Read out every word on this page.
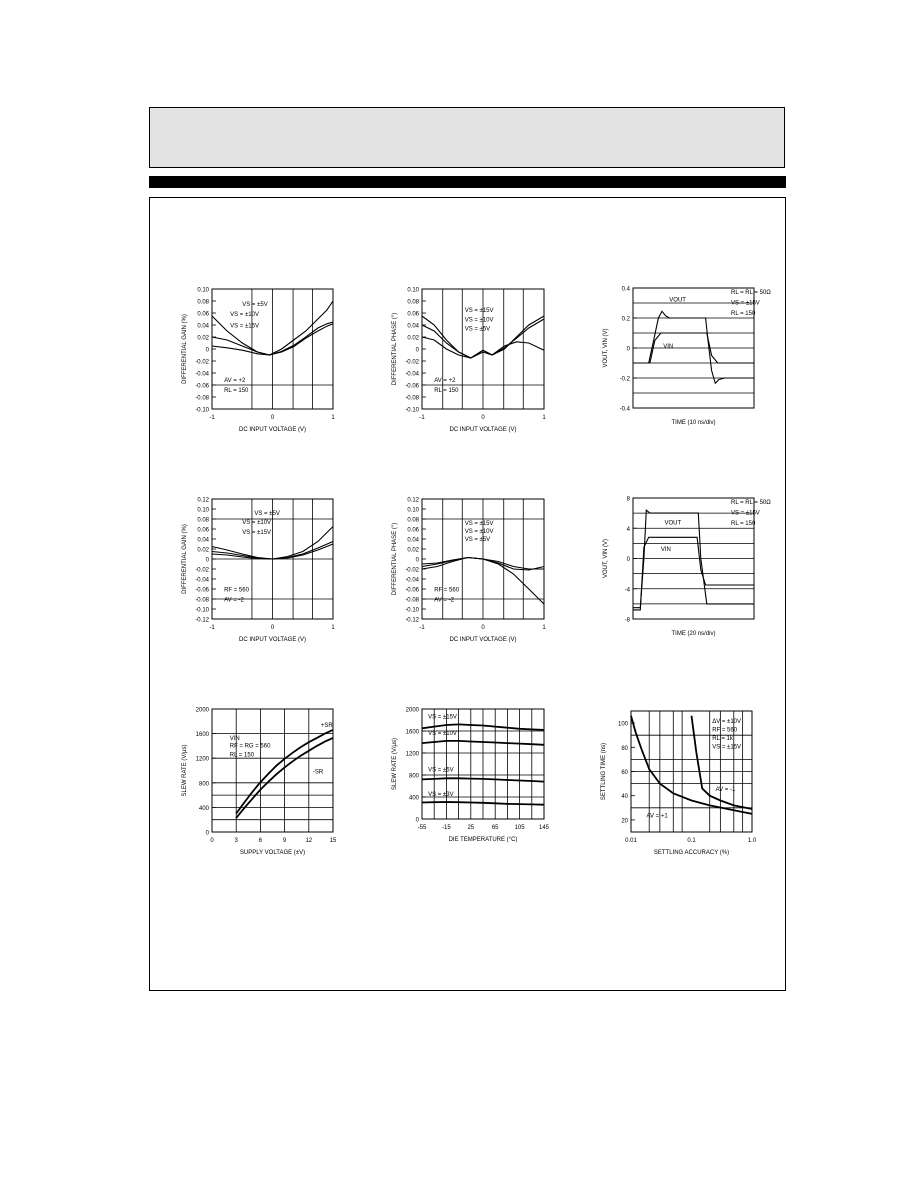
0.10
0.08
0.06
0.04
0.02
0
-0.02
-0.04
-0.06
-0.08
-0.10
-1	0	1
DC INPUT VOLTAGE (V)
DIFFERENTIAL GAIN (%)
VS = ±5V
VS = ±10V
VS = ±15V
AV = +2
RL = 150
0.10
0.08
0.06
0.04
0.02
0
-0.02
-0.04
-0.06
-0.08
-0.10
-1	0	1
DC INPUT VOLTAGE (V)
DIFFERENTIAL PHASE (°)
VS = ±15V
VS = ±10V
VS = ±5V
AV = +2
RL = 150
0.4
0.2
0
-0.2
-0.4
TIME (10 ns/div)
VOUT, VIN (V)
VOUT
VIN
RL = RL = 50Ω
VS = ±15V
RL = 150
0.12
0.10
0.08
0.06
0.04
0.02
0
-0.02
-0.04
-0.06
-0.08
-0.10
-0.12
-1	0	1
DC INPUT VOLTAGE (V)
DIFFERENTIAL GAIN (%)
VS = ±5V
VS = ±10V
VS = ±15V
RF = 560
AV = -2
0.12
0.10
0.08
0.06
0.04
0.02
0
-0.02
-0.04
-0.06
-0.08
-0.10
-0.12
-1	0	1
DC INPUT VOLTAGE (V)
DIFFERENTIAL PHASE (°)	VS = ±15V
VS = ±10V
VS = ±5V
RF = 560
AV = -2
8
4
0
-4
-8
TIME (20 ns/div)
VOUT, VIN (V)
VOUT
VIN
RL = RL = 50Ω
VS = ±15V
RL = 150
2000
1600
1200
800
400
0
0	3	6	9	12	15
SUPPLY VOLTAGE (±V)
SLEW RATE (V/μs)
+SR
-SR
VIN
RF = RG = 560
RL = 150
2000
1600
1200
800
400
0
-55	-15	25	65	105 145
DIE TEMPERATURE (°C)
SLEW RATE (V/μs)
VS = ±15V
VS = ±10V
VS = ±5V
VS = ±3V
100
80
60
40
20
0.01	0.1	1.0
SETTLING ACCURACY (%)
SETTLING TIME (ns)
ΔV = ±10V
RF = 560
RL = 1k
VS = ±15V
AV = -1
AV = +1
